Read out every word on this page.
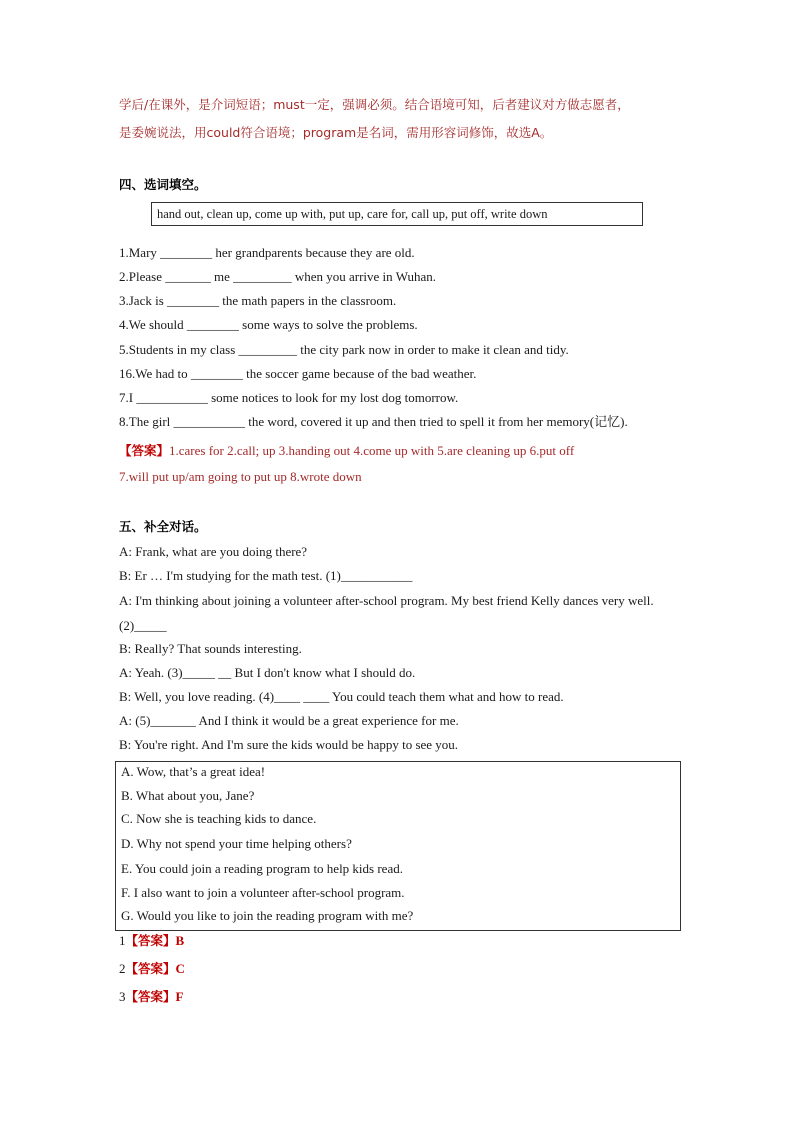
学后/在课外，是介词短语；must一定，强调必须。结合语境可知，后者建议对方做志愿者，
是委婉说法，用could符合语境；program是名词，需用形容词修饰，故选A。
四、选词填空。
hand out, clean up, come up with, put up, care for, call up, put off, write down
1.Mary ________ her grandparents because they are old.
2.Please _______ me _________ when you arrive in Wuhan.
3.Jack is ________ the math papers in the classroom.
4.We should ________ some ways to solve the problems.
5.Students in my class _________ the city park now in order to make it clean and tidy.
16.We had to ________ the soccer game because of the bad weather.
7.I ___________ some notices to look for my lost dog tomorrow.
8.The girl ___________ the word, covered it up and then tried to spell it from her memory(记忆).
【答案】1.cares for 2.call; up 3.handing out 4.come up with 5.are cleaning up 6.put off
7.will put up/am going to put up 8.wrote down
五、补全对话。
A: Frank, what are you doing there?
B: Er … I'm studying for the math test. (1)___________
A: I'm thinking about joining a volunteer after-school program. My best friend Kelly dances very well.
(2)_____
B: Really? That sounds interesting.
A: Yeah. (3)_____ __ But I don't know what I should do.
B: Well, you love reading. (4)____ ____ You could teach them what and how to read.
A: (5)_______ And I think it would be a great experience for me.
B: You're right. And I'm sure the kids would be happy to see you.
A. Wow, that’s a great idea!
B. What about you, Jane?
C. Now she is teaching kids to dance.
D. Why not spend your time helping others?
E. You could join a reading program to help kids read.
F. I also want to join a volunteer after-school program.
G. Would you like to join the reading program with me?
1【答案】B
2【答案】C
3【答案】F
